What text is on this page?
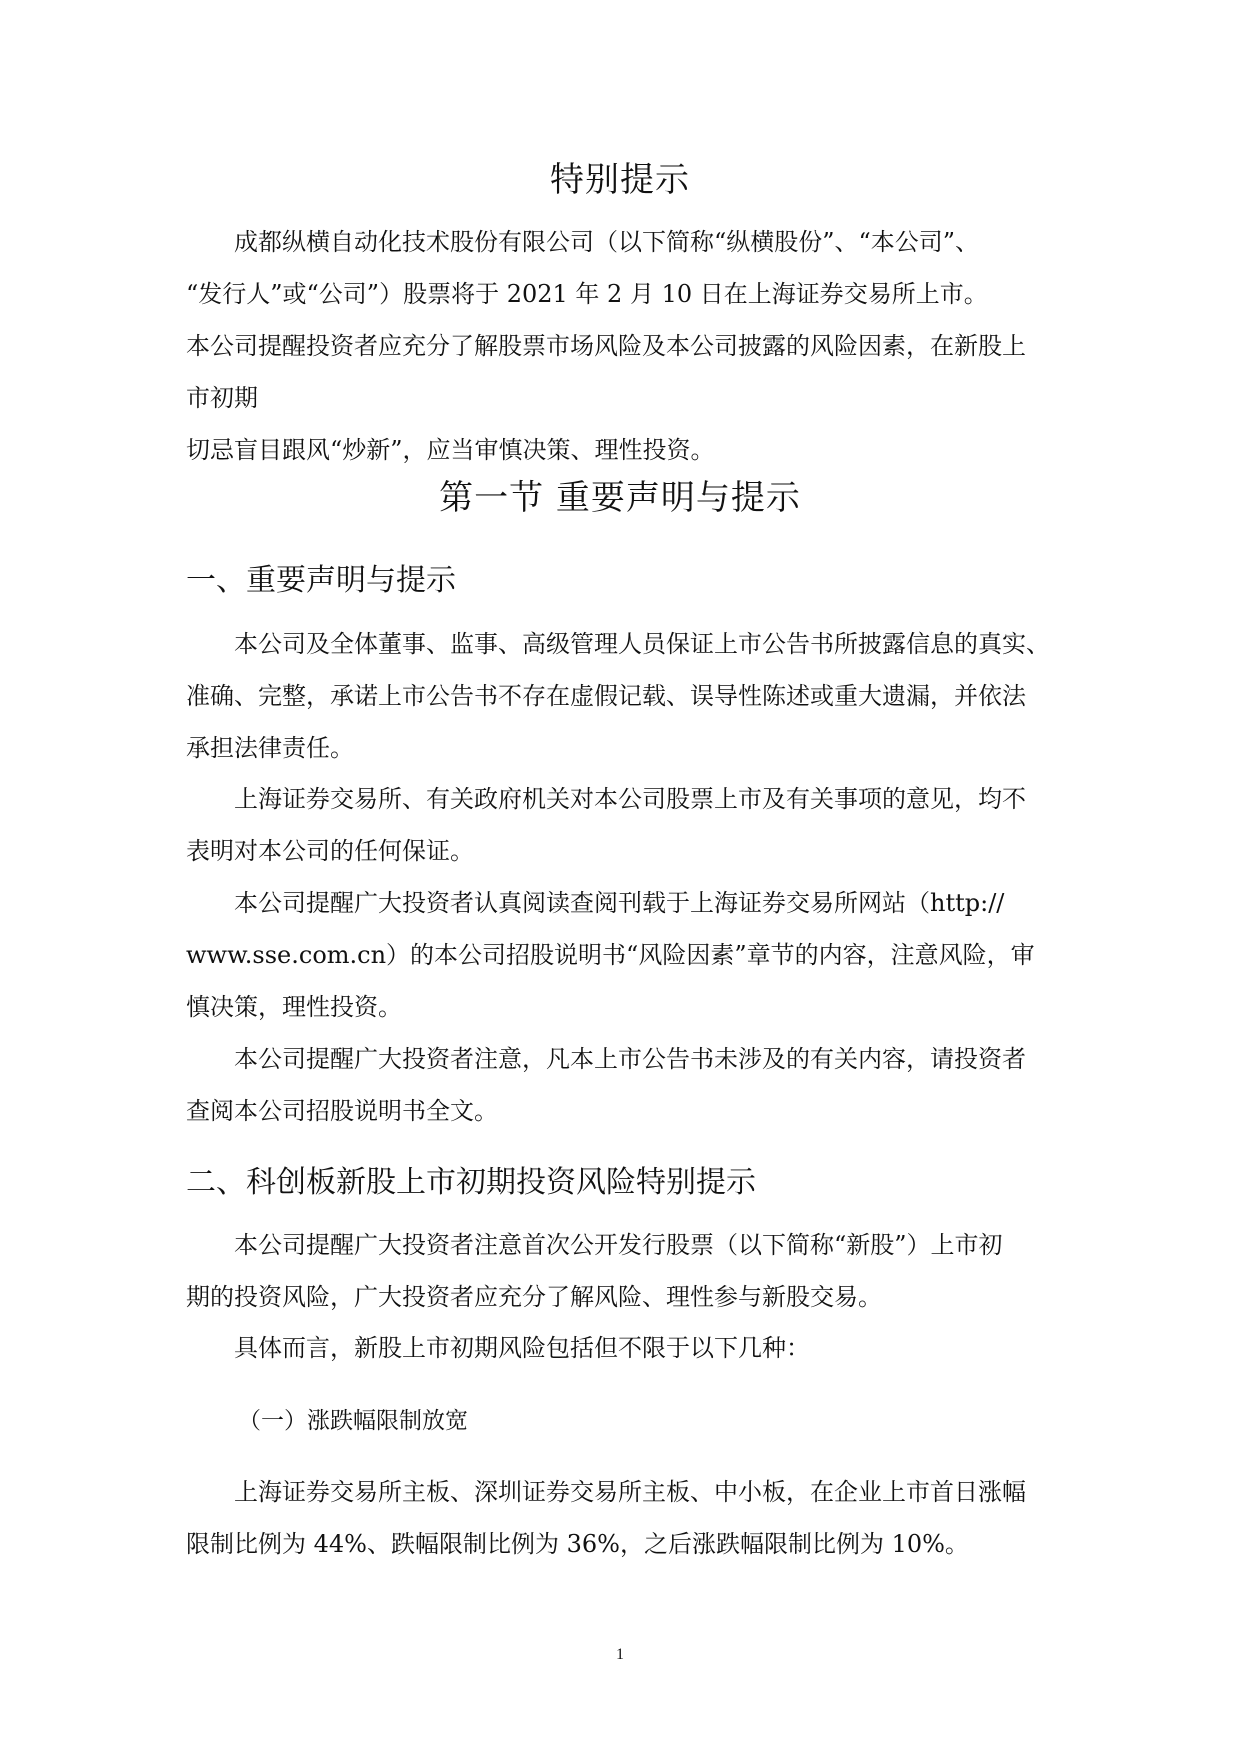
特别提示
成都纵横自动化技术股份有限公司（以下简称“纵横股份”、“本公司”、
“发行人”或“公司”）股票将于 2021 年 2 月 10 日在上海证券交易所上市。
本公司提醒投资者应充分了解股票市场风险及本公司披露的风险因素，在新股上
市初期
切忌盲目跟风“炒新”，应当审慎决策、理性投资。
第一节 重要声明与提示
一、重要声明与提示
本公司及全体董事、监事、高级管理人员保证上市公告书所披露信息的真实、
准确、完整，承诺上市公告书不存在虚假记载、误导性陈述或重大遗漏，并依法
承担法律责任。
上海证券交易所、有关政府机关对本公司股票上市及有关事项的意见，均不
表明对本公司的任何保证。
本公司提醒广大投资者认真阅读查阅刊载于上海证券交易所网站（http://
www.sse.com.cn）的本公司招股说明书“风险因素”章节的内容，注意风险，审
慎决策，理性投资。
本公司提醒广大投资者注意，凡本上市公告书未涉及的有关内容，请投资者
查阅本公司招股说明书全文。
二、科创板新股上市初期投资风险特别提示
本公司提醒广大投资者注意首次公开发行股票（以下简称“新股”）上市初
期的投资风险，广大投资者应充分了解风险、理性参与新股交易。
具体而言，新股上市初期风险包括但不限于以下几种：
（一）涨跌幅限制放宽
上海证券交易所主板、深圳证券交易所主板、中小板，在企业上市首日涨幅
限制比例为 44%、跌幅限制比例为 36%，之后涨跌幅限制比例为 10%。
1
